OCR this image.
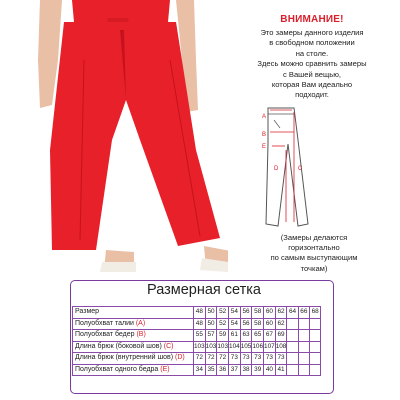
ВНИМАНИЕ!
Это замеры данного изделия
в свободном положении
на столе.
Здесь можно сравнить замеры
с Вашей вещью,
которая Вам идеально
подходит.
A
B
E
D	C
(Замеры делаются
горизонтально
по самым выступающим
точкам)
Размерная сетка
Размер	48	50	52	54	56	58	60	62	64	66	68
Полуобхват талии (A)	48	50	52	54	56	58	60	62			
Полуобхват бедер (B)	55	57	59	61	63	65	67	69			
Длина брюк (боковой шов) (C)	103	103	103	104	105	106	107	108			
Длина брюк (внутренний шов) (D)	72	72	72	73	73	73	73	73			
Полуобхват одного бедра (E)	34	35	36	37	38	39	40	41			
